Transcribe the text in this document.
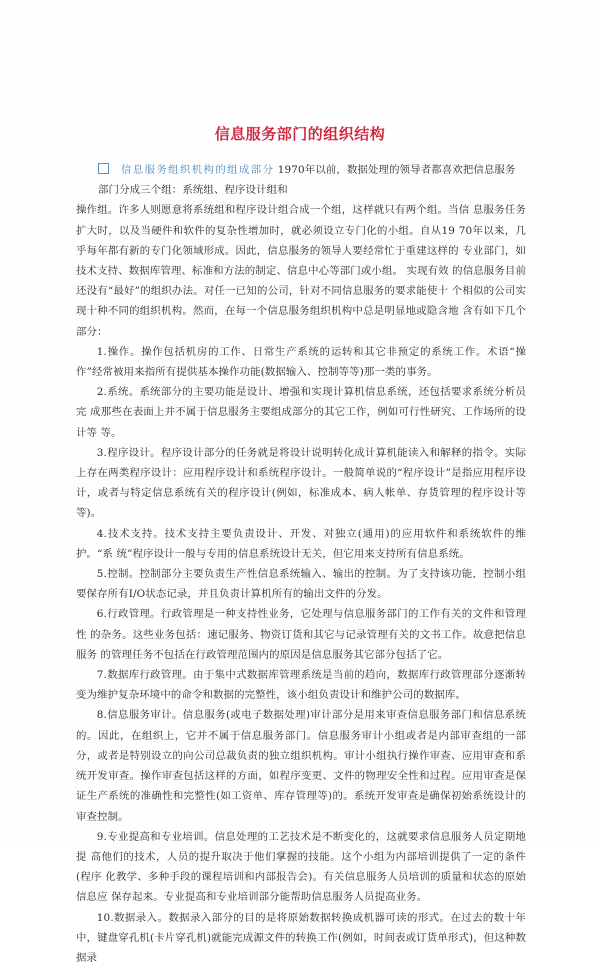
信息服务部门的组织结构

信息服务组织机构的组成部分 1970年以前，数据处理的领导者都喜欢把信息服务

部门分成三个组：系统组、程序设计组和

操作组。许多人则愿意将系统组和程序设计组合成一个组，这样就只有两个组。当信 息服务任务扩大时，以及当硬件和软件的复杂性增加时，就必须设立专门化的小组。自从19 70年以来，几乎每年都有新的专门化领域形成。因此，信息服务的领导人要经常忙于重建这样的 专业部门，如技术支持、数据库管理、标准和方法的制定、信息中心等部门或小组。 实现有效 的信息服务目前还没有“最好”的组织办法。对任一已知的公司，针对不同信息服务的要求能使十 个相似的公司实现十种不同的组织机构。然而，在每一个信息服务组织机构中总是明显地或隐含地 含有如下几个部分：

1.操作。操作包括机房的工作、日常生产系统的运转和其它非预定的系统工作。术语“操作”经常被用来指所有提供基本操作功能(数据输入、控制等等)那一类的事务。

2.系统。系统部分的主要功能是设计、增强和实现计算机信息系统，还包括要求系统分析员完 成那些在表面上并不属于信息服务主要组成部分的其它工作，例如可行性研究、工作场所的设计等 等。

3.程序设计。程序设计部分的任务就是将设计说明转化成计算机能读入和解释的指令。实际上存在两类程序设计：应用程序设计和系统程序设计。一般简单说的“程序设计”是指应用程序设计，或者与特定信息系统有关的程序设计(例如，标准成本、病人帐单、存货管理的程序设计等等)。

4.技术支持。技术支持主要负责设计、开发、对独立(通用)的应用软件和系统软件的维护。“系 统”程序设计一般与专用的信息系统设计无关，但它用来支持所有信息系统。

5.控制。控制部分主要负责生产性信息系统输入、输出的控制。为了支持该功能，控制小组要保存所有I/O状态记录，并且负责计算机所有的输出文件的分发。

6.行政管理。行政管理是一种支持性业务，它处理与信息服务部门的工作有关的文件和管理性 的杂务。这些业务包括：速记服务、物资订货和其它与记录管理有关的文书工作。故意把信息服务 的管理任务不包括在行政管理范围内的原因是信息服务其它部分包括了它。

7.数据库行政管理。由于集中式数据库管理系统是当前的趋向，数据库行政管理部分逐渐转变为维护复杂环境中的命令和数据的完整性，该小组负责设计和维护公司的数据库。

8.信息服务审计。信息服务(或电子数据处理)审计部分是用来审查信息服务部门和信息系统的。因此，在组织上，它并不属于信息服务部门。信息服务审计小组或者是内部审查组的一部分，或者是特别设立的向公司总裁负责的独立组织机构。审计小组执行操作审查、应用审查和系统开发审查。操作审查包括这样的方面，如程序变更、文件的物理安全性和过程。应用审查是保证生产系统的准确性和完整性(如工资单、库存管理等)的。系统开发审查是确保初始系统设计的审查控制。

9.专业提高和专业培训。信息处理的工艺技术是不断变化的，这就要求信息服务人员定期地提 高他们的技术，人员的提升取决于他们掌握的技能。这个小组为内部培训提供了一定的条件(程序 化教学、多种手段的课程培训和内部报告会)。有关信息服务人员培训的质量和状态的原始信息应 保存起来。专业提高和专业培训部分能帮助信息服务人员提高业务。

10.数据录入。数据录入部分的目的是将原始数据转换成机器可读的形式。在过去的数十年中，键盘穿孔机(卡片穿孔机)就能完成源文件的转换工作(例如，时间表或订货单形式)，但这种数据录
